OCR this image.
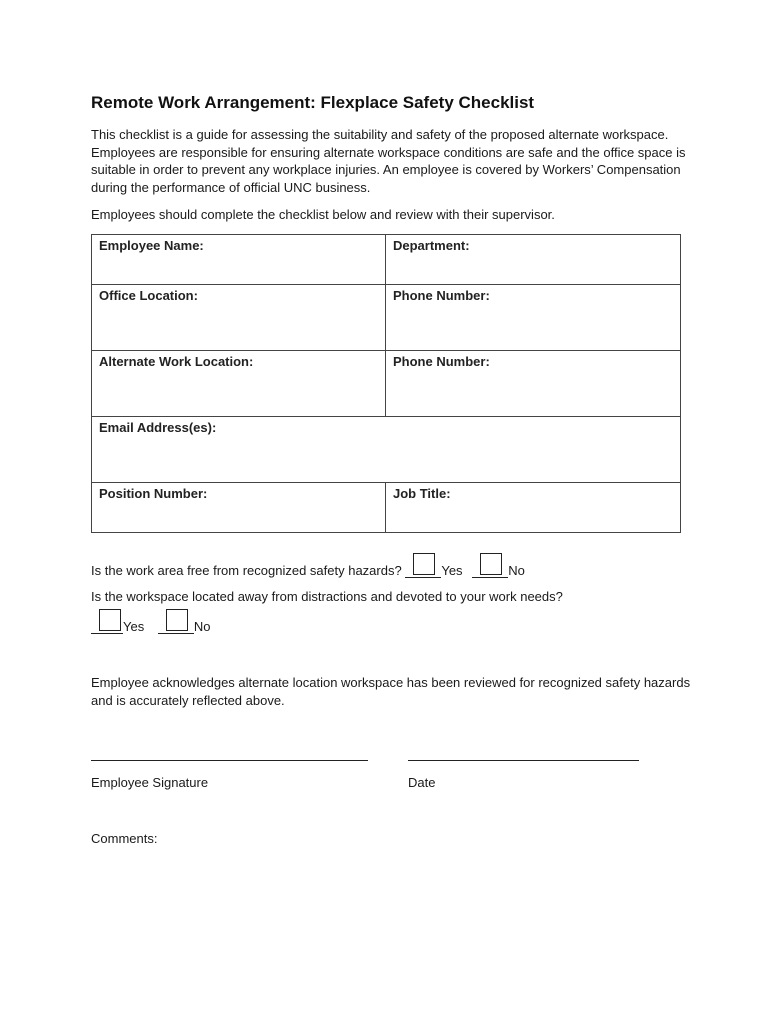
Remote Work Arrangement: Flexplace Safety Checklist

This checklist is a guide for assessing the suitability and safety of the proposed alternate workspace. Employees are responsible for ensuring alternate workspace conditions are safe and the office space is suitable in order to prevent any workplace injuries. An employee is covered by Workers’ Compensation during the performance of official UNC business.

Employees should complete the checklist below and review with their supervisor.

Employee Name:	Department:
Office Location:	Phone Number:
Alternate Work Location:	Phone Number:
Email Address(es):	
Position Number:	Job Title:
Is the work area free from recognized safety hazards?	Yes	No
Is the workspace located away from distractions and devoted to your work needs?
Yes	No

Employee acknowledges alternate location workspace has been reviewed for recognized safety hazards and is accurately reflected above.

Employee Signature	Date
Comments:
